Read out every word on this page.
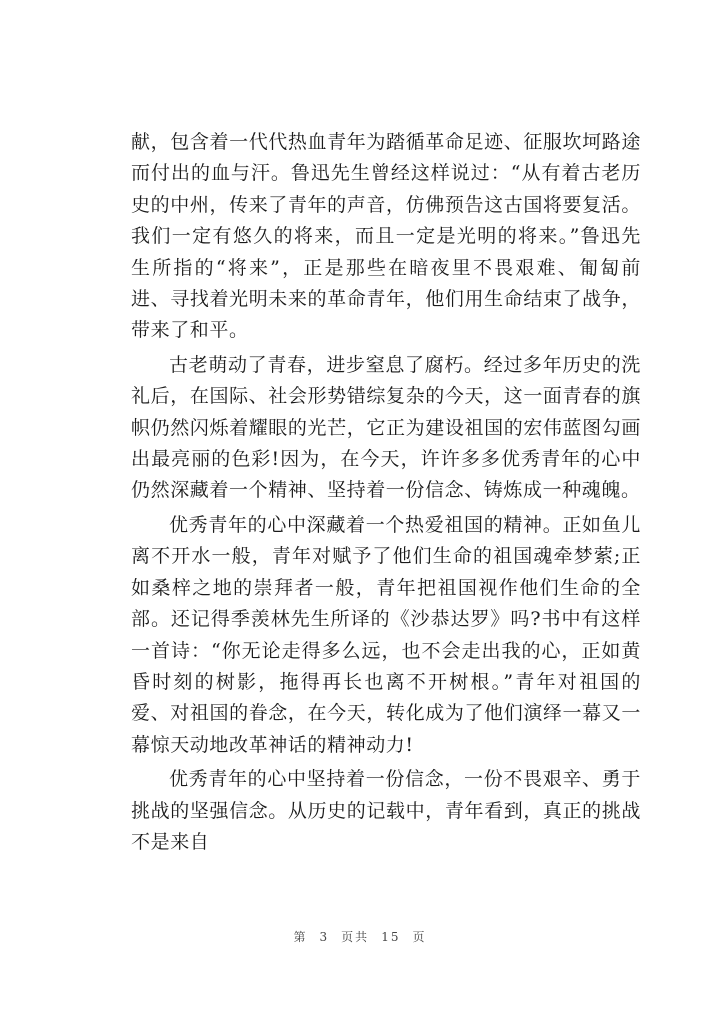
献，包含着一代代热血青年为踏循革命足迹、征服坎坷路途而付出的血与汗。鲁迅先生曾经这样说过：“从有着古老历史的中州，传来了青年的声音，仿佛预告这古国将要复活。我们一定有悠久的将来，而且一定是光明的将来。”鲁迅先生所指的“将来”，正是那些在暗夜里不畏艰难、匍匐前进、寻找着光明未来的革命青年，他们用生命结束了战争，带来了和平。

古老萌动了青春，进步窒息了腐朽。经过多年历史的洗礼后，在国际、社会形势错综复杂的今天，这一面青春的旗帜仍然闪烁着耀眼的光芒，它正为建设祖国的宏伟蓝图勾画出最亮丽的色彩!因为，在今天，许许多多优秀青年的心中仍然深藏着一个精神、坚持着一份信念、铸炼成一种魂魄。

优秀青年的心中深藏着一个热爱祖国的精神。正如鱼儿离不开水一般，青年对赋予了他们生命的祖国魂牵梦萦;正如桑梓之地的崇拜者一般，青年把祖国视作他们生命的全部。还记得季羡林先生所译的《沙恭达罗》吗?书中有这样一首诗：“你无论走得多么远，也不会走出我的心，正如黄昏时刻的树影，拖得再长也离不开树根。”青年对祖国的爱、对祖国的眷念，在今天，转化成为了他们演绎一幕又一幕惊天动地改革神话的精神动力!

优秀青年的心中坚持着一份信念，一份不畏艰辛、勇于挑战的坚强信念。从历史的记载中，青年看到，真正的挑战不是来自

第 3 页共 15 页
